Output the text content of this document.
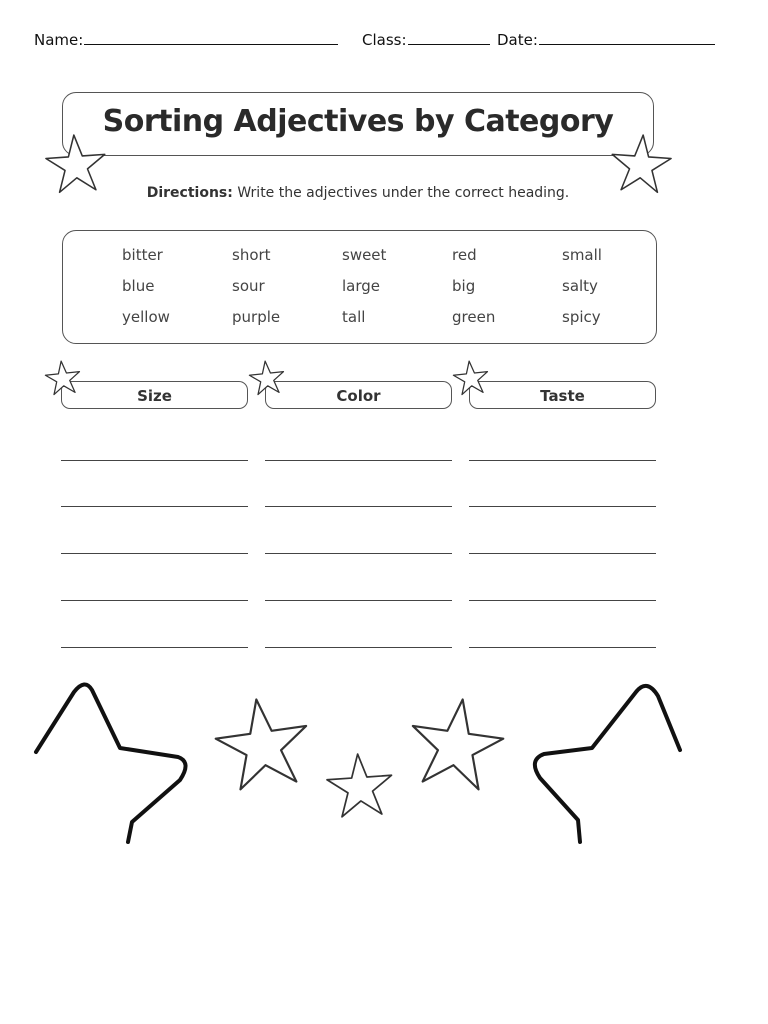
Name:	Class:	Date:
Sorting Adjectives by Category
Directions: Write the adjectives under the correct heading.
bitter	short	sweet	red	small
blue	sour	large	big	salty
yellow	purple	tall	green	spicy
Size	Color	Taste
